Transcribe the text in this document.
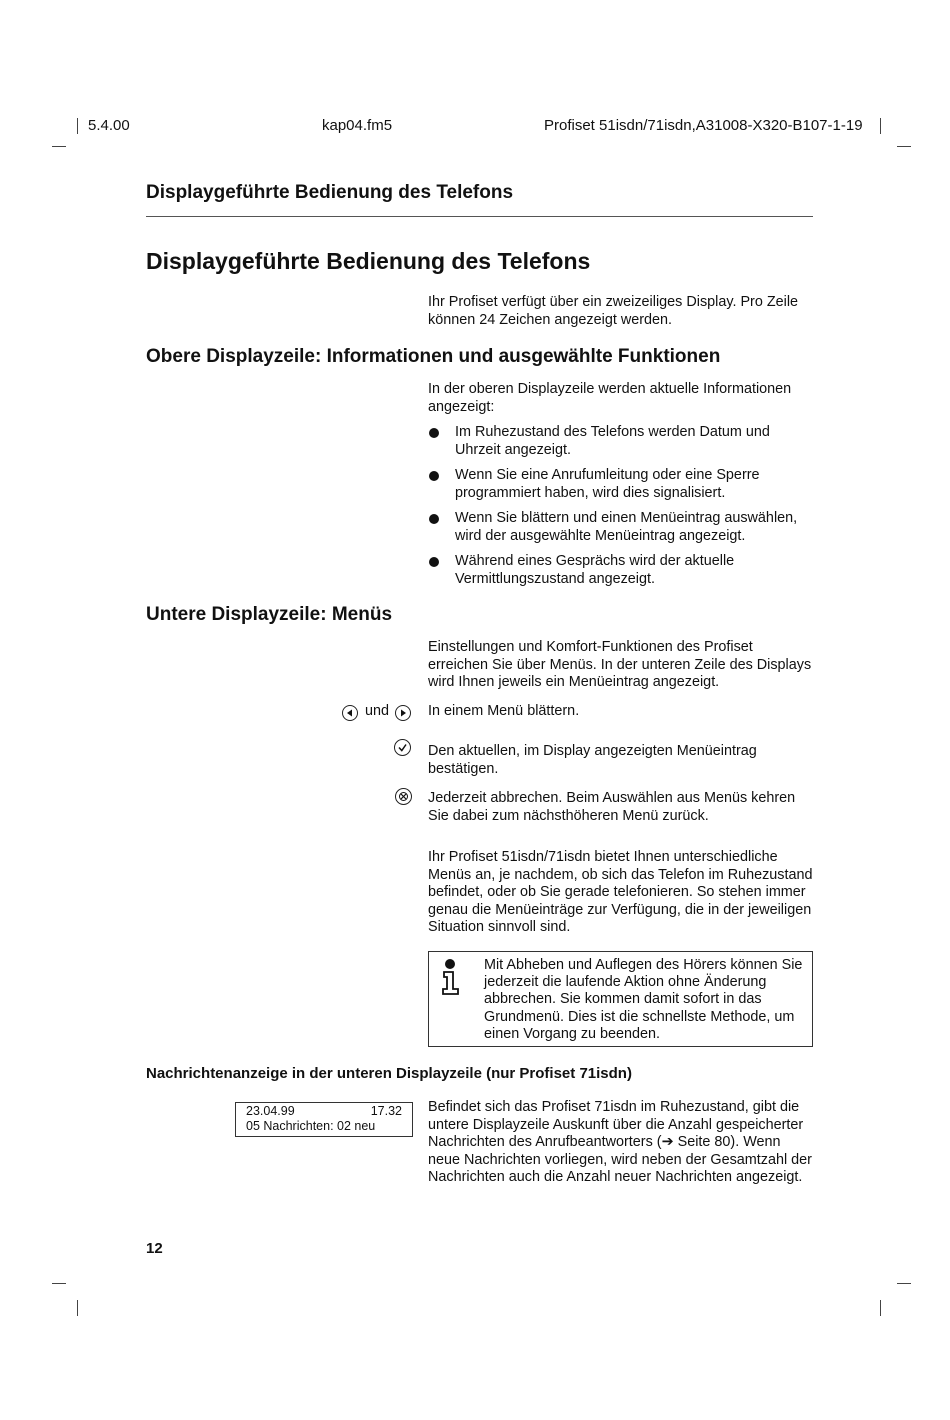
5.4.00	kap04.fm5	Profiset 51isdn/71isdn,A31008-X320-B107-1-19
Displaygeführte Bedienung des Telefons
Displaygeführte Bedienung des Telefons
Ihr Profiset verfügt über ein zweizeiliges Display. Pro Zeile können 24 Zeichen angezeigt werden.
Obere Displayzeile: Informationen und ausgewählte Funktionen
In der oberen Displayzeile werden aktuelle Informationen angezeigt:
Im Ruhezustand des Telefons werden Datum und Uhrzeit angezeigt.
Wenn Sie eine Anrufumleitung oder eine Sperre programmiert haben, wird dies signalisiert.
Wenn Sie blättern und einen Menüeintrag auswählen, wird der ausgewählte Menüeintrag angezeigt.
Während eines Gesprächs wird der aktuelle Vermittlungszustand angezeigt.
Untere Displayzeile: Menüs
Einstellungen und Komfort-Funktionen des Profiset erreichen Sie über Menüs. In der unteren Zeile des Displays wird Ihnen jeweils ein Menüeintrag angezeigt.
und	In einem Menü blättern.
Den aktuellen, im Display angezeigten Menüeintrag bestätigen.
Jederzeit abbrechen. Beim Auswählen aus Menüs kehren Sie dabei zum nächsthöheren Menü zurück.
Ihr Profiset 51isdn/71isdn bietet Ihnen unterschiedliche Menüs an, je nachdem, ob sich das Telefon im Ruhezustand befindet, oder ob Sie gerade telefonieren. So stehen immer genau die Menüeinträge zur Verfügung, die in der jeweiligen Situation sinnvoll sind.
Mit Abheben und Auflegen des Hörers können Sie jederzeit die laufende Aktion ohne Änderung abbrechen. Sie kommen damit sofort in das Grundmenü. Dies ist die schnellste Methode, um einen Vorgang zu beenden.
Nachrichtenanzeige in der unteren Displayzeile (nur Profiset 71isdn)
23.04.99	17.32
05 Nachrichten: 02 neu
Befindet sich das Profiset 71isdn im Ruhezustand, gibt die untere Displayzeile Auskunft über die Anzahl gespeicherter Nachrichten des Anrufbeantworters (➔ Seite 80). Wenn neue Nachrichten vorliegen, wird neben der Gesamtzahl der Nachrichten auch die Anzahl neuer Nachrichten angezeigt.
12
